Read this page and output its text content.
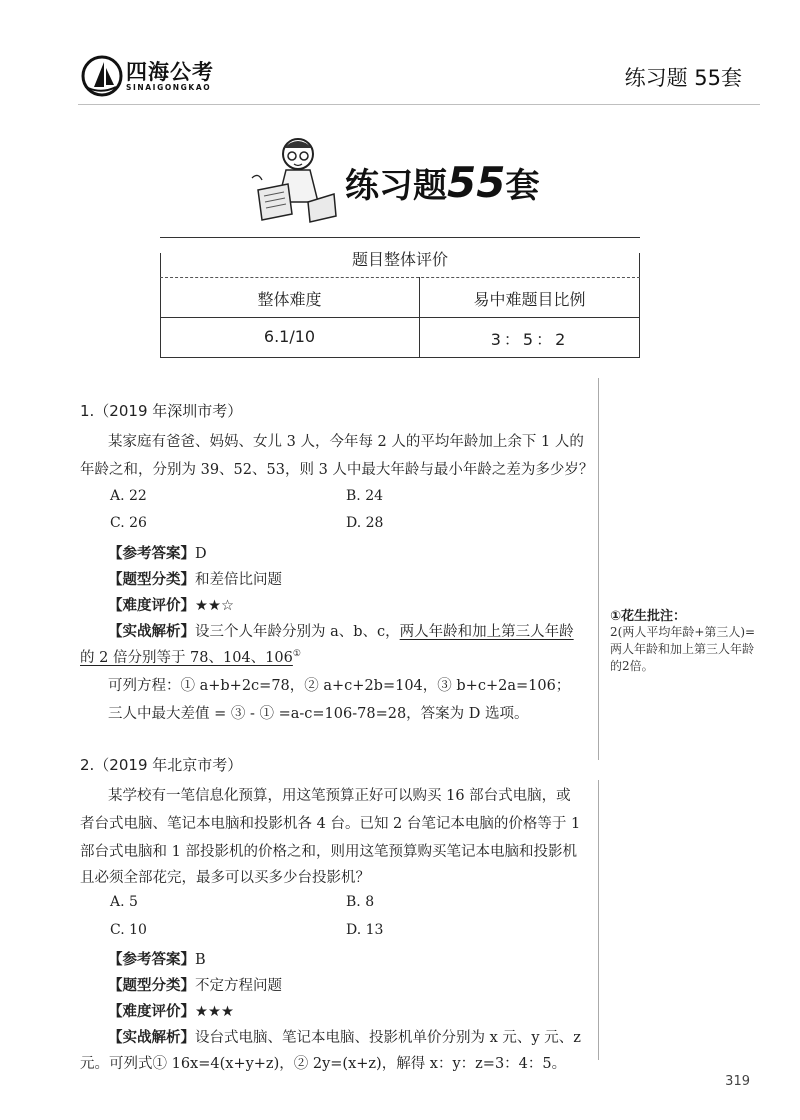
四海公考
SINAIGONGKAO	练习题 55套
练习题55套
题目整体评价
整体难度	易中难题目比例
6.1/10	3：5：2
1.（2019 年深圳市考）
某家庭有爸爸、妈妈、女儿 3 人，今年每 2 人的平均年龄加上余下 1 人的
年龄之和，分别为 39、52、53，则 3 人中最大年龄与最小年龄之差为多少岁？
A. 22	B. 24
C. 26	D. 28
【参考答案】D
【题型分类】和差倍比问题
【难度评价】★★☆
【实战解析】设三个人年龄分别为 a、b、c，两人年龄和加上第三人年龄
的 2 倍分别等于 78、104、106①
可列方程：① a+b+2c=78，② a+c+2b=104，③ b+c+2a=106；
三人中最大差值 = ③ - ① =a-c=106-78=28，答案为 D 选项。
①花生批注：
2(两人平均年龄+第三人)=两人年龄和加上第三人年龄的2倍。
2.（2019 年北京市考）
某学校有一笔信息化预算，用这笔预算正好可以购买 16 部台式电脑，或
者台式电脑、笔记本电脑和投影机各 4 台。已知 2 台笔记本电脑的价格等于 1
部台式电脑和 1 部投影机的价格之和，则用这笔预算购买笔记本电脑和投影机
且必须全部花完，最多可以买多少台投影机？
A. 5	B. 8
C. 10	D. 13
【参考答案】B
【题型分类】不定方程问题
【难度评价】★★★
【实战解析】设台式电脑、笔记本电脑、投影机单价分别为 x 元、y 元、z
元。可列式① 16x=4(x+y+z)，② 2y=(x+z)，解得 x：y：z=3：4：5。
319
